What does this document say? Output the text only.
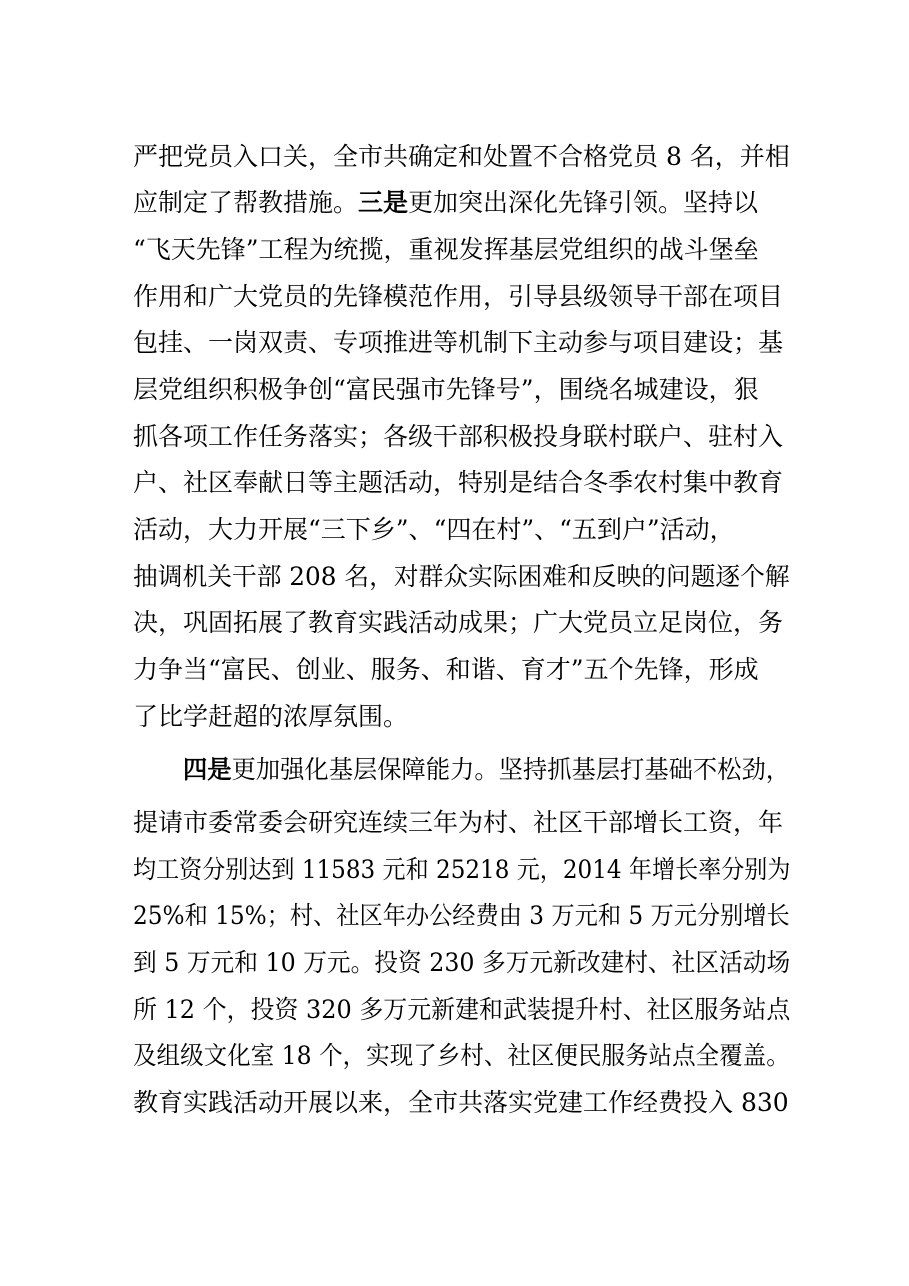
严把党员入口关，全市共确定和处置不合格党员 8 名，并相
应制定了帮教措施。三是更加突出深化先锋引领。坚持以
“飞天先锋”工程为统揽，重视发挥基层党组织的战斗堡垒
作用和广大党员的先锋模范作用，引导县级领导干部在项目
包挂、一岗双责、专项推进等机制下主动参与项目建设；基
层党组织积极争创“富民强市先锋号”，围绕名城建设，狠
抓各项工作任务落实；各级干部积极投身联村联户、驻村入
户、社区奉献日等主题活动，特别是结合冬季农村集中教育
活动，大力开展“三下乡”、“四在村”、“五到户”活动，
抽调机关干部 208 名，对群众实际困难和反映的问题逐个解
决，巩固拓展了教育实践活动成果；广大党员立足岗位，务
力争当“富民、创业、服务、和谐、育才”五个先锋，形成
了比学赶超的浓厚氛围。
四是更加强化基层保障能力。坚持抓基层打基础不松劲，
提请市委常委会研究连续三年为村、社区干部增长工资，年
均工资分别达到 11583 元和 25218 元，2014 年增长率分别为
25%和 15%；村、社区年办公经费由 3 万元和 5 万元分别增长
到 5 万元和 10 万元。投资 230 多万元新改建村、社区活动场
所 12 个，投资 320 多万元新建和武装提升村、社区服务站点
及组级文化室 18 个，实现了乡村、社区便民服务站点全覆盖。
教育实践活动开展以来，全市共落实党建工作经费投入 830
